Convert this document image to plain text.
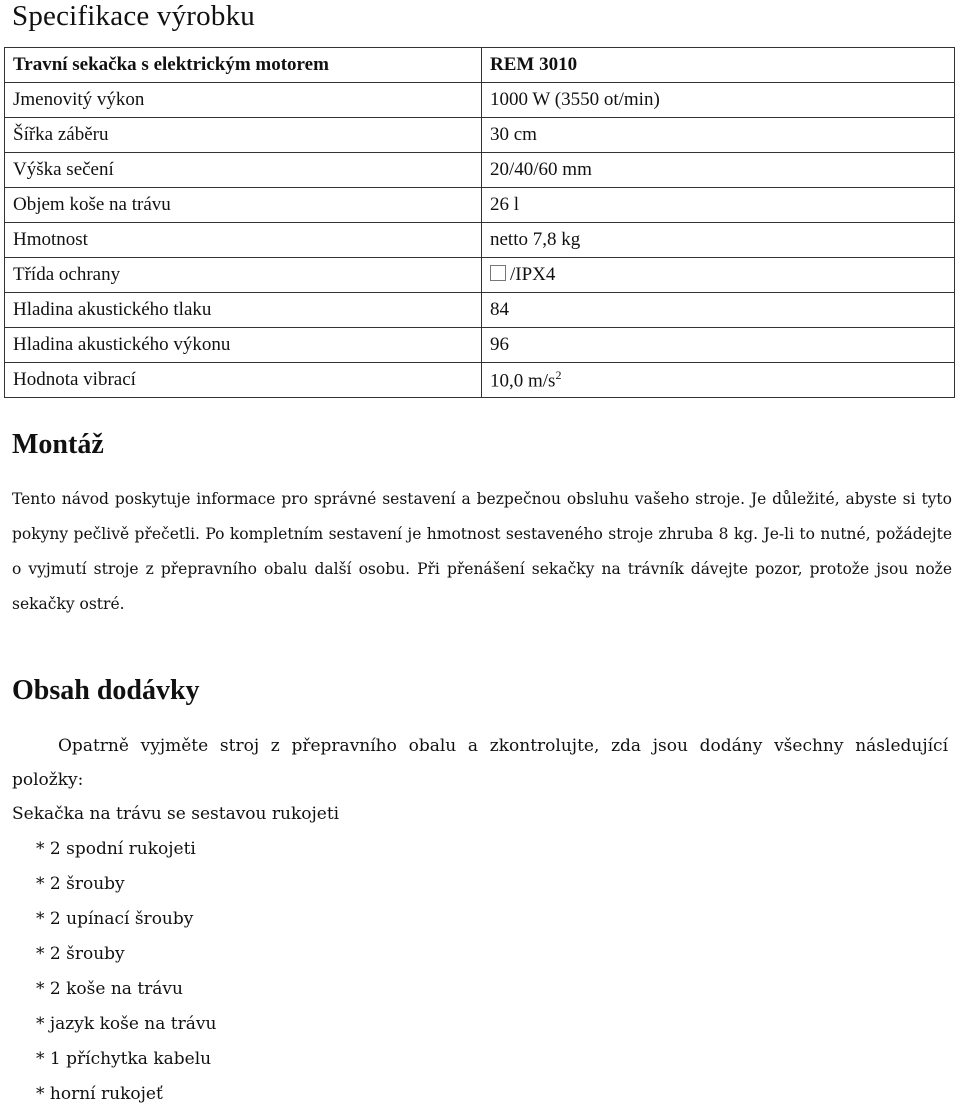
Specifikace výrobku
Travní sekačka s elektrickým motorem	REM 3010
Jmenovitý výkon	1000 W (3550 ot/min)
Šířka záběru	30 cm
Výška sečení	20/40/60 mm
Objem koše na trávu	26 l
Hmotnost	netto 7,8 kg
Třída ochrany	/IPX4
Hladina akustického tlaku	84
Hladina akustického výkonu	96
Hodnota vibrací	10,0 $m/s^2$
Montáž

Tento návod poskytuje informace pro správné sestavení a bezpečnou obsluhu vašeho stroje. Je důležité, abyste si tyto pokyny pečlivě přečetli. Po kompletním sestavení je hmotnost sestaveného stroje zhruba 8 kg. Je-li to nutné, požádejte o vyjmutí stroje z přepravního obalu další osobu. Při přenášení sekačky na trávník dávejte pozor, protože jsou nože sekačky ostré.

Obsah dodávky

Opatrně vyjměte stroj z přepravního obalu a zkontrolujte, zda jsou dodány všechny následující položky:

Sekačka na trávu se sestavou rukojeti
* 2 spodní rukojeti
* 2 šrouby
* 2 upínací šrouby
* 2 šrouby
* 2 koše na trávu
* jazyk koše na trávu
* 1 příchytka kabelu
* horní rukojeť
